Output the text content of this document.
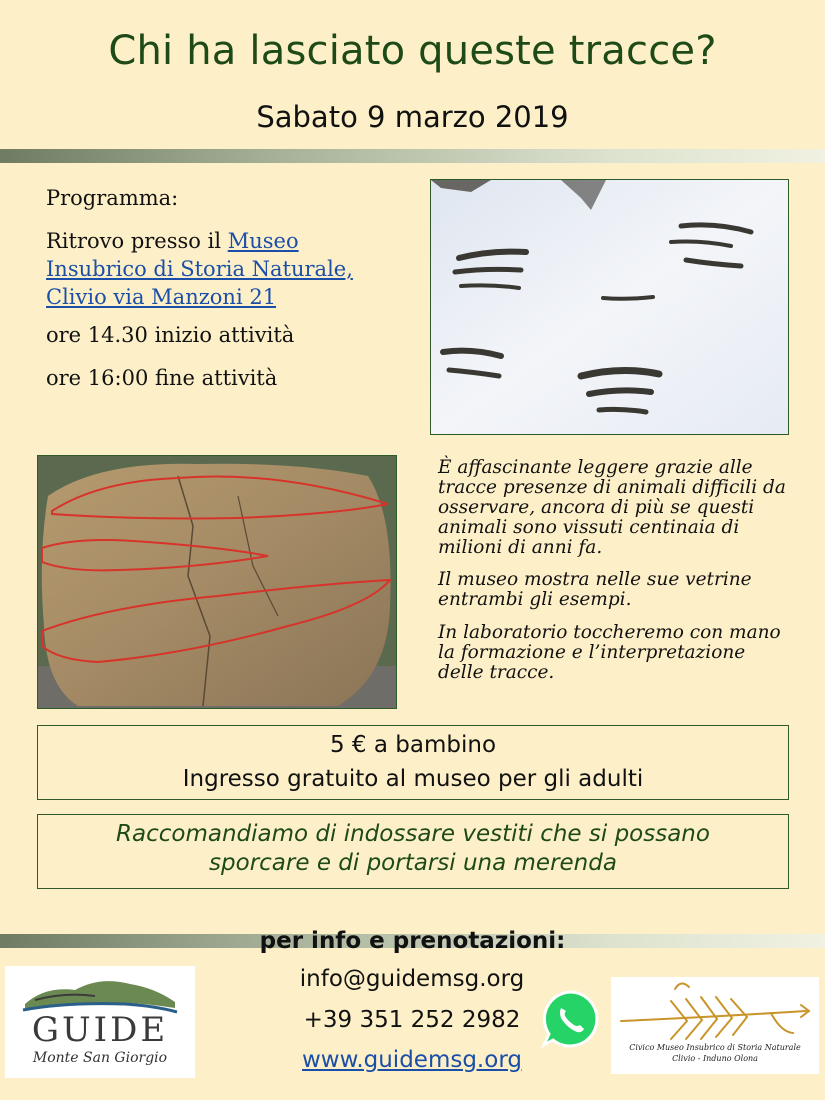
Chi ha lasciato queste tracce?
Sabato 9 marzo 2019
Programma:
Ritrovo presso il Museo
Insubrico di Storia Naturale,
Clivio via Manzoni 21
ore 14.30 inizio attività
ore 16:00 fine attività
È affascinante leggere grazie alle tracce presenze di animali difficili da osservare, ancora di più se questi animali sono vissuti centinaia di milioni di anni fa.
Il museo mostra nelle sue vetrine entrambi gli esempi.
In laboratorio toccheremo con mano la formazione e l’interpretazione delle tracce.
5 € a bambino
Ingresso gratuito al museo per gli adulti
Raccomandiamo di indossare vestiti che si possano
sporcare e di portarsi una merenda
per info e prenotazioni:
info@guidemsg.org
+39 351 252 2982
www.guidemsg.org
GUIDE
Monte San Giorgio
Civico Museo Insubrico di Storia Naturale
Clivio - Induno Olona
